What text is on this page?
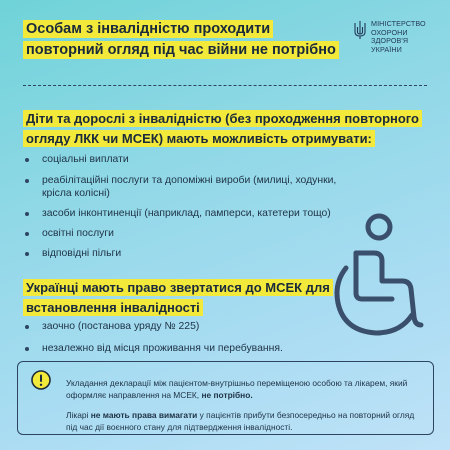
Особам з інвалідністю проходити повторний огляд під час війни не потрібно
МІНІСТЕРСТВО
ОХОРОНИ
ЗДОРОВ'Я
УКРАЇНИ
Діти та дорослі з інвалідністю (без проходження повторного огляду ЛКК чи МСЕК) мають можливість отримувати:
соціальні виплати
реабілітаційні послуги та допоміжні вироби (милиці, ходунки, крісла колісні)
засоби інконтиненції (наприклад, памперси, катетери тощо)
освітні послуги
відповідні пільги
Українці мають право звертатися до МСЕК для встановлення інвалідності
заочно (постанова уряду № 225)
незалежно від місця проживання чи перебування.

Укладання декларації між пацієнтом-внутрішньо переміщеною особою та лікарем, який оформляє направлення на МСЕК, не потрібно.

Лікарі не мають права вимагати у пацієнтів прибути безпосередньо на повторний огляд під час дії воєнного стану для підтвердження інвалідності.
